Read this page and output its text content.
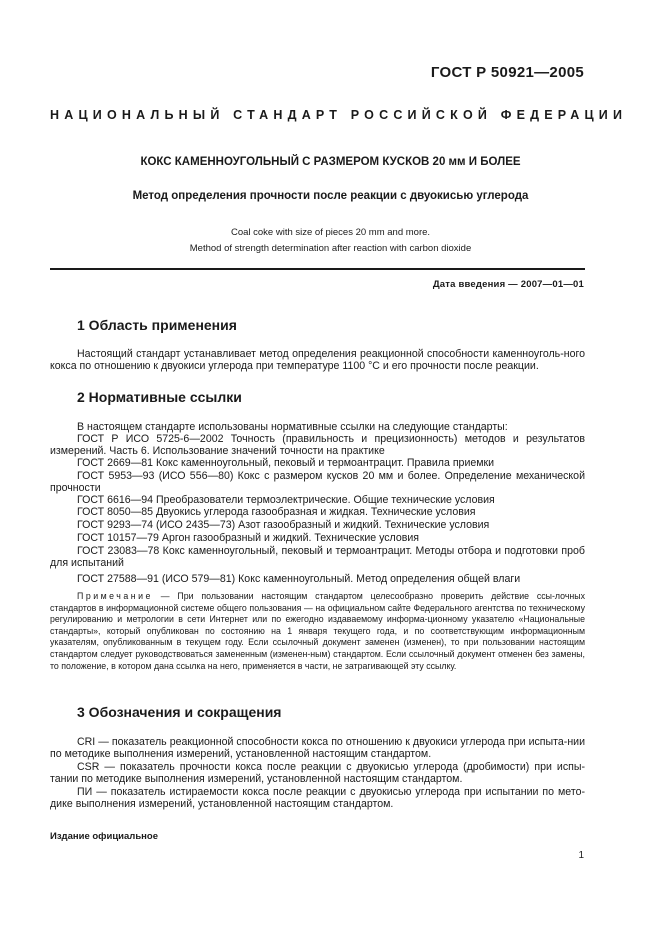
ГОСТ Р 50921—2005
НАЦИОНАЛЬНЫЙ СТАНДАРТ РОССИЙСКОЙ ФЕДЕРАЦИИ
КОКС КАМЕННОУГОЛЬНЫЙ С РАЗМЕРОМ КУСКОВ 20 мм И БОЛЕЕ
Метод определения прочности после реакции с двуокисью углерода
Coal coke with size of pieces 20 mm and more.
Method of strength determination after reaction with carbon dioxide
Дата введения — 2007—01—01
1 Область применения
Настоящий стандарт устанавливает метод определения реакционной способности каменноуголь-ного кокса по отношению к двуокиси углерода при температуре 1100 °С и его прочности после реакции.
2 Нормативные ссылки
В настоящем стандарте использованы нормативные ссылки на следующие стандарты:
ГОСТ Р ИСО 5725-6—2002 Точность (правильность и прецизионность) методов и результатов измерений. Часть 6. Использование значений точности на практике
ГОСТ 2669—81 Кокс каменноугольный, пековый и термоантрацит. Правила приемки
ГОСТ 5953—93 (ИСО 556—80) Кокс с размером кусков 20 мм и более. Определение механической прочности
ГОСТ 6616—94 Преобразователи термоэлектрические. Общие технические условия
ГОСТ 8050—85 Двуокись углерода газообразная и жидкая. Технические условия
ГОСТ 9293—74 (ИСО 2435—73) Азот газообразный и жидкий. Технические условия
ГОСТ 10157—79 Аргон газообразный и жидкий. Технические условия
ГОСТ 23083—78 Кокс каменноугольный, пековый и термоантрацит. Методы отбора и подготовки проб для испытаний
ГОСТ 27588—91 (ИСО 579—81) Кокс каменноугольный. Метод определения общей влаги
Примечание — При пользовании настоящим стандартом целесообразно проверить действие ссы-лочных стандартов в информационной системе общего пользования — на официальном сайте Федерального агентства по техническому регулированию и метрологии в сети Интернет или по ежегодно издаваемому информа-ционному указателю «Национальные стандарты», который опубликован по состоянию на 1 января текущего года, и по соответствующим информационным указателям, опубликованным в текущем году. Если ссылочный документ заменен (изменен), то при пользовании настоящим стандартом следует руководствоваться замененным (изменен-ным) стандартом. Если ссылочный документ отменен без замены, то положение, в котором дана ссылка на него, применяется в части, не затрагивающей эту ссылку.
3 Обозначения и сокращения
CRI — показатель реакционной способности кокса по отношению к двуокиси углерода при испыта-нии по методике выполнения измерений, установленной настоящим стандартом.
CSR — показатель прочности кокса после реакции с двуокисью углерода (дробимости) при испы-тании по методике выполнения измерений, установленной настоящим стандартом.
ПИ — показатель истираемости кокса после реакции с двуокисью углерода при испытании по мето-дике выполнения измерений, установленной настоящим стандартом.
Издание официальное
1
